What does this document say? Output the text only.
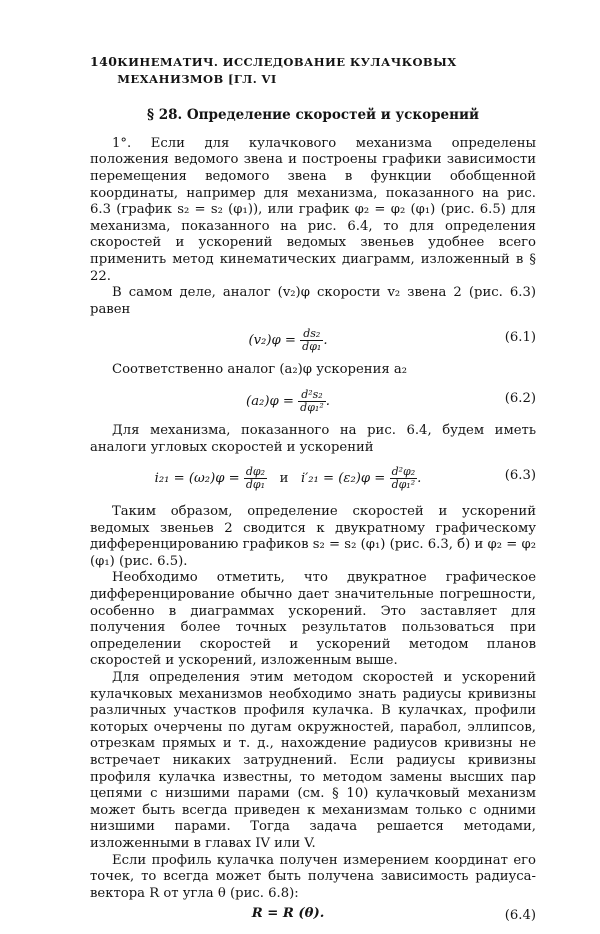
140 КИНЕМАТИЧ. ИССЛЕДОВАНИЕ КУЛАЧКОВЫХ МЕХАНИЗМОВ [ГЛ. VI
§ 28. Определение скоростей и ускорений

1°. Если для кулачкового механизма определены положения ведомого звена и построены графики зависимости перемещения ведомого звена в функции обобщенной координаты, например для механизма, показанного на рис. 6.3 (график s₂ = s₂ (φ₁)), или график φ₂ = φ₂ (φ₁) (рис. 6.5) для механизма, показанного на рис. 6.4, то для определения скоростей и ускорений ведомых звеньев удобнее всего применить метод кинематических диаграмм, изложенный в § 22.

В самом деле, аналог (v₂)φ скорости v₂ звена 2 (рис. 6.3) равен

$(v_2)\varphi = \frac{\text{ds₂}}{\text{dφ₁}}$ .	(6.1)

Соответственно аналог (a₂)φ ускорения a₂

$(a_2)\varphi = \frac{\text{d²s₂}}{\text{dφ₁²}}$ .	(6.2)

Для механизма, показанного на рис. 6.4, будем иметь аналоги угловых скоростей и ускорений

$i_{21} = (\omega_2)\varphi = \frac{\text{dφ₂}}{\text{dφ₁}}$ и $i'_{21} = (\varepsilon_2)\varphi = \frac{\text{d²φ₂}}{\text{dφ₁²}}$ .	(6.3)

Таким образом, определение скоростей и ускорений ведомых звеньев 2 сводится к двукратному графическому дифференцированию графиков s₂ = s₂ (φ₁) (рис. 6.3, б) и φ₂ = φ₂ (φ₁) (рис. 6.5).

Необходимо отметить, что двукратное графическое дифференцирование обычно дает значительные погрешности, особенно в диаграммах ускорений. Это заставляет для получения более точных результатов пользоваться при определении скоростей и ускорений методом планов скоростей и ускорений, изложенным выше.

Для определения этим методом скоростей и ускорений кулачковых механизмов необходимо знать радиусы кривизны различных участков профиля кулачка. В кулачках, профили которых очерчены по дугам окружностей, парабол, эллипсов, отрезкам прямых и т. д., нахождение радиусов кривизны не встречает никаких затруднений. Если радиусы кривизны профиля кулачка известны, то методом замены высших пар цепями с низшими парами (см. § 10) кулачковый механизм может быть всегда приведен к механизмам только с одними низшими парами. Тогда задача решается методами, изложенными в главах IV или V.

Если профиль кулачка получен измерением координат его точек, то всегда может быть получена зависимость радиуса-вектора R от угла θ (рис. 6.8):

R = R (θ).	(6.4)
